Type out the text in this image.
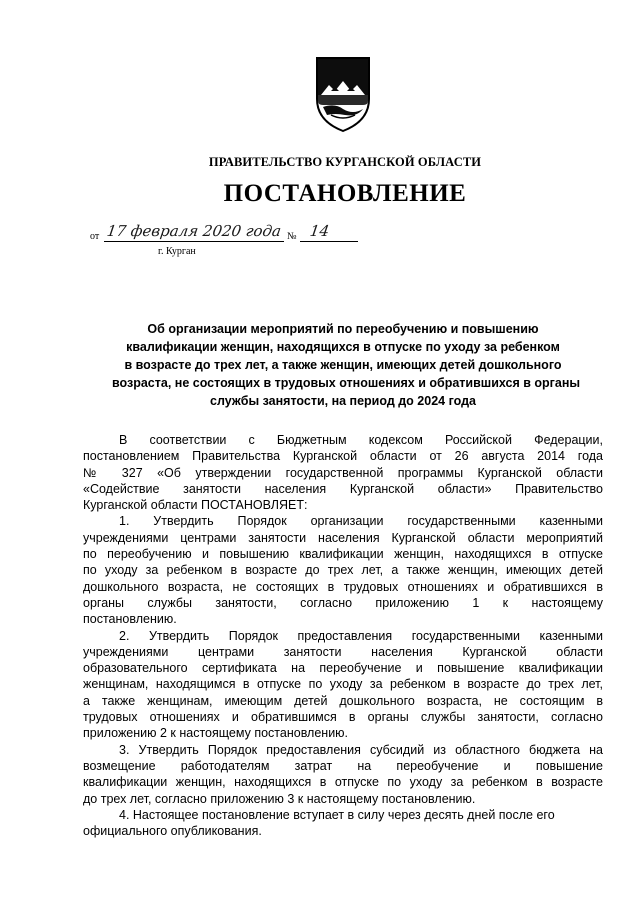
ПРАВИТЕЛЬСТВО КУРГАНСКОЙ ОБЛАСТИ
ПОСТАНОВЛЕНИЕ
от 17 февраля 2020 года № 14
г. Курган
Об организации мероприятий по переобучению и повышению
квалификации женщин, находящихся в отпуске по уходу за ребенком
в возрасте до трех лет, а также женщин, имеющих детей дошкольного
возраста, не состоящих в трудовых отношениях и обратившихся в органы
службы занятости, на период до 2024 года
В соответствии с Бюджетным кодексом Российской Федерации,
постановлением Правительства Курганской области от 26 августа 2014 года
№ 327 «Об утверждении государственной программы Курганской области
«Содействие занятости населения Курганской области» Правительство
Курганской области ПОСТАНОВЛЯЕТ:
1. Утвердить Порядок организации государственными казенными
учреждениями центрами занятости населения Курганской области мероприятий
по переобучению и повышению квалификации женщин, находящихся в отпуске
по уходу за ребенком в возрасте до трех лет, а также женщин, имеющих детей
дошкольного возраста, не состоящих в трудовых отношениях и обратившихся в
органы службы занятости, согласно приложению 1 к настоящему
постановлению.
2. Утвердить Порядок предоставления государственными казенными
учреждениями центрами занятости населения Курганской области
образовательного сертификата на переобучение и повышение квалификации
женщинам, находящимся в отпуске по уходу за ребенком в возрасте до трех лет,
а также женщинам, имеющим детей дошкольного возраста, не состоящим в
трудовых отношениях и обратившимся в органы службы занятости, согласно
приложению 2 к настоящему постановлению.
3. Утвердить Порядок предоставления субсидий из областного бюджета на
возмещение работодателям затрат на переобучение и повышение
квалификации женщин, находящихся в отпуске по уходу за ребенком в возрасте
до трех лет, согласно приложению 3 к настоящему постановлению.
4. Настоящее постановление вступает в силу через десять дней после его
официального опубликования.
